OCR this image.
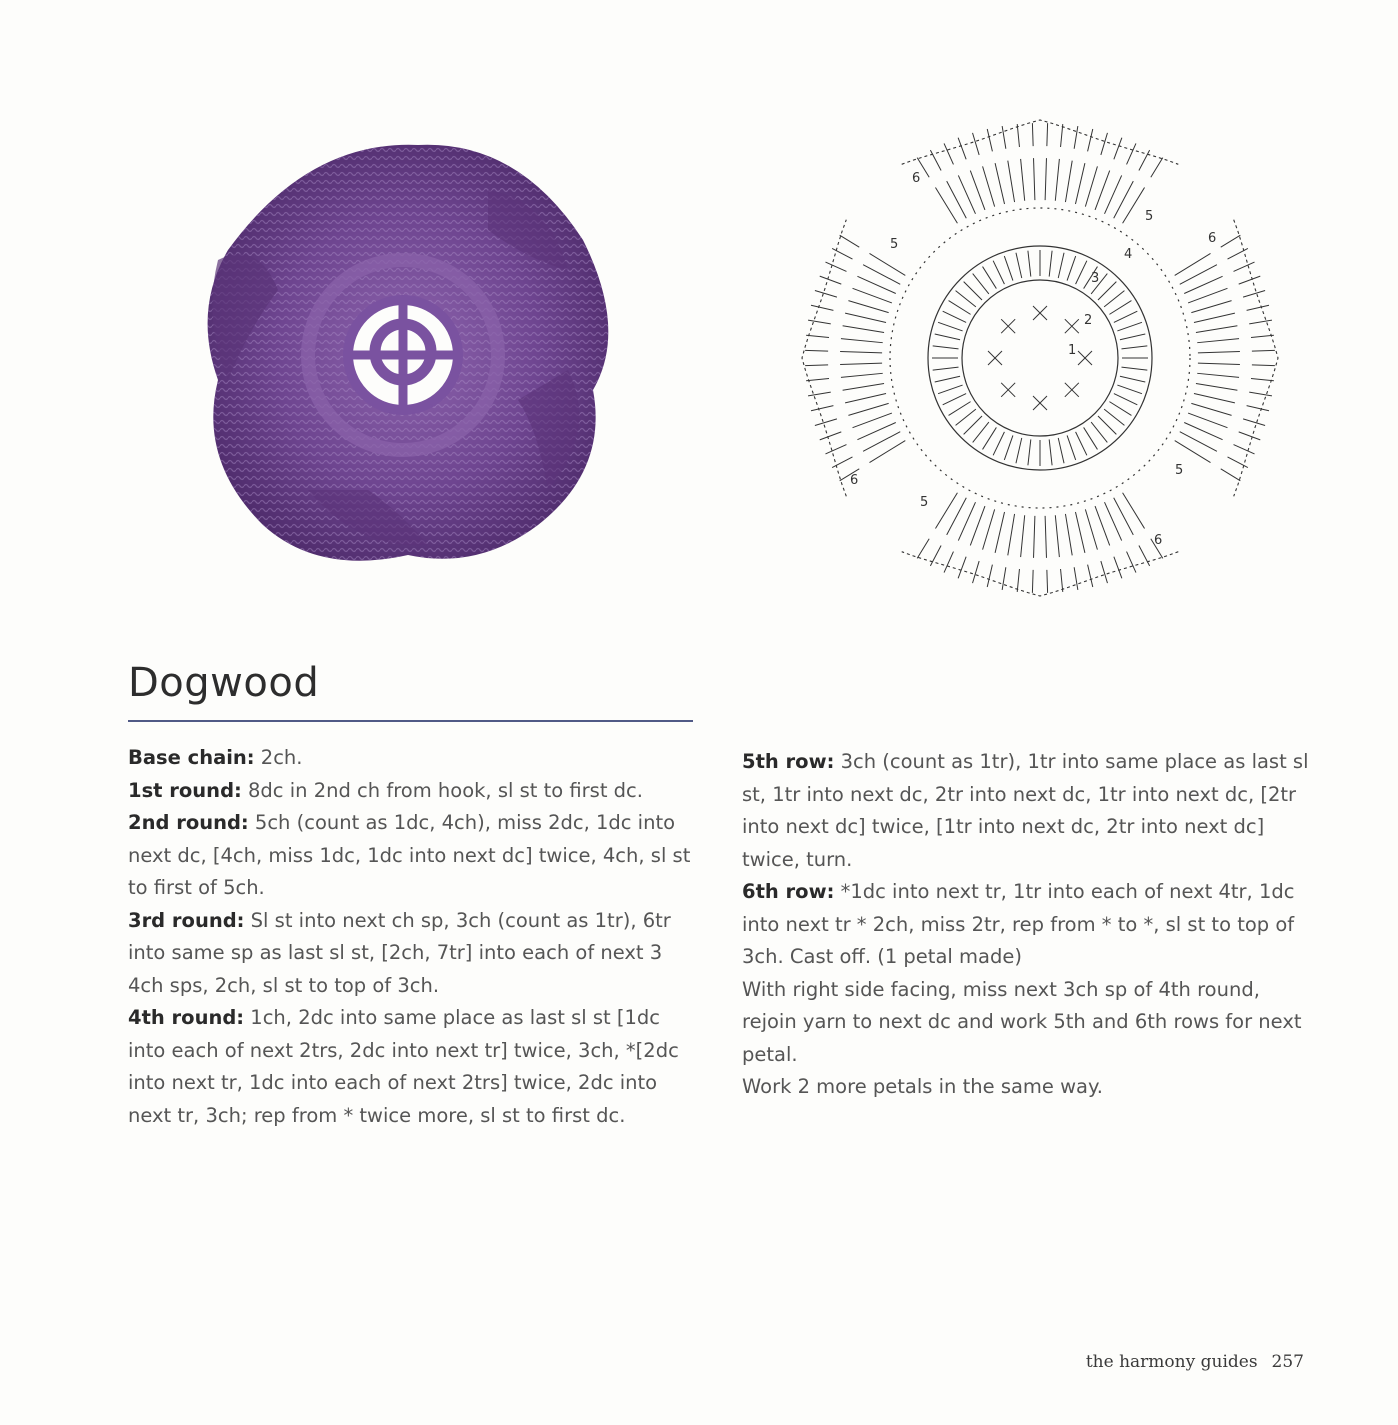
1
2
3
4
5
5
5
5
6
6
6
6
Dogwood

Base chain: 2ch.

1st round: 8dc in 2nd ch from hook, sl st to first dc.

2nd round: 5ch (count as 1dc, 4ch), miss 2dc, 1dc into next dc, [4ch, miss 1dc, 1dc into next dc] twice, 4ch, sl st to first of 5ch.

3rd round: Sl st into next ch sp, 3ch (count as 1tr), 6tr into same sp as last sl st, [2ch, 7tr] into each of next 3 4ch sps, 2ch, sl st to top of 3ch.

4th round: 1ch, 2dc into same place as last sl st [1dc into each of next 2trs, 2dc into next tr] twice, 3ch, *[2dc into next tr, 1dc into each of next 2trs] twice, 2dc into next tr, 3ch; rep from * twice more, sl st to first dc.

5th row: 3ch (count as 1tr), 1tr into same place as last sl st, 1tr into next dc, 2tr into next dc, 1tr into next dc, [2tr into next dc] twice, [1tr into next dc, 2tr into next dc] twice, turn.

6th row: *1dc into next tr, 1tr into each of next 4tr, 1dc into next tr * 2ch, miss 2tr, rep from * to *, sl st to top of 3ch. Cast off. (1 petal made)

With right side facing, miss next 3ch sp of 4th round, rejoin yarn to next dc and work 5th and 6th rows for next petal.

Work 2 more petals in the same way.

the harmony guides 257
